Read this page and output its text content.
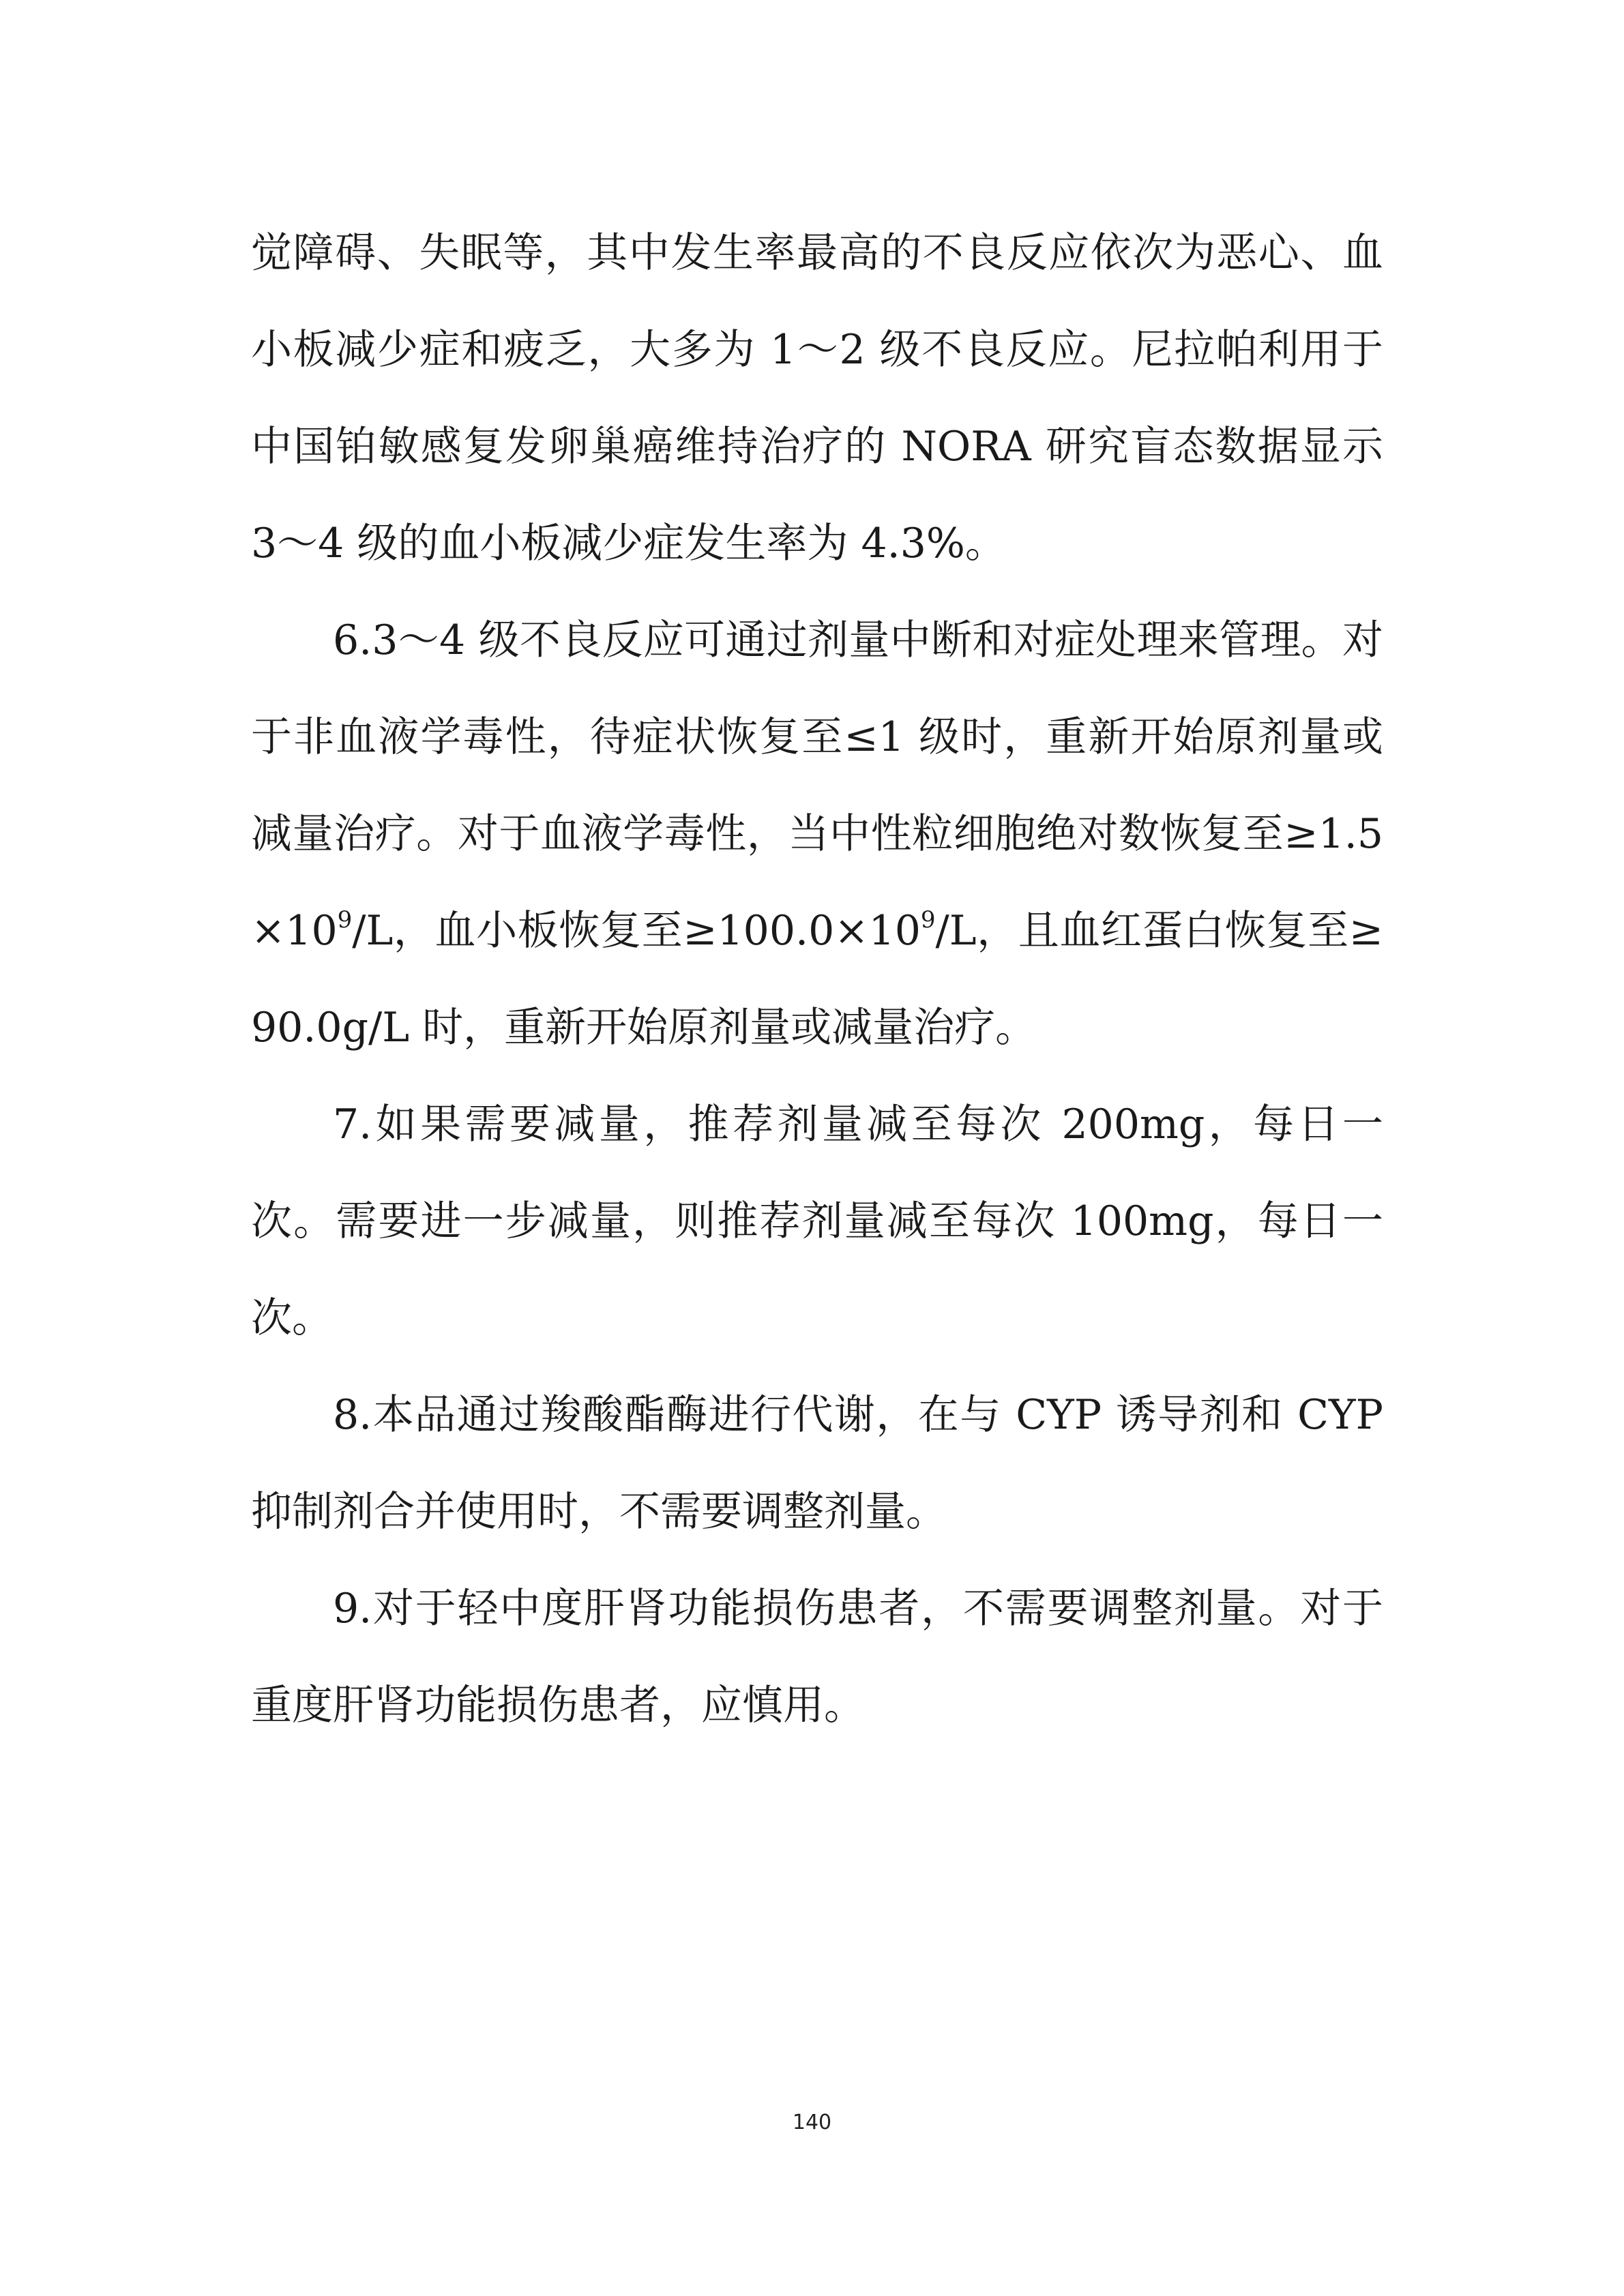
觉障碍、失眠等，其中发生率最高的不良反应依次为恶心、血小板减少症和疲乏，大多为 1～2 级不良反应。尼拉帕利用于中国铂敏感复发卵巢癌维持治疗的 NORA 研究盲态数据显示 3～4 级的血小板减少症发生率为 4.3%。

6.3～4 级不良反应可通过剂量中断和对症处理来管理。对于非血液学毒性，待症状恢复至≤1 级时，重新开始原剂量或减量治疗。对于血液学毒性，当中性粒细胞绝对数恢复至$\ge 1.5\times 10^9/L$，血小板恢复至$\ge 100.0\times 10^9/L$，且血红蛋白恢复至≥90.0g/L 时，重新开始原剂量或减量治疗。

7.如果需要减量，推荐剂量减至每次 200mg，每日一次。需要进一步减量，则推荐剂量减至每次 100mg，每日一次。

8.本品通过羧酸酯酶进行代谢，在与 CYP 诱导剂和 CYP 抑制剂合并使用时，不需要调整剂量。

9.对于轻中度肝肾功能损伤患者，不需要调整剂量。对于重度肝肾功能损伤患者，应慎用。

140
